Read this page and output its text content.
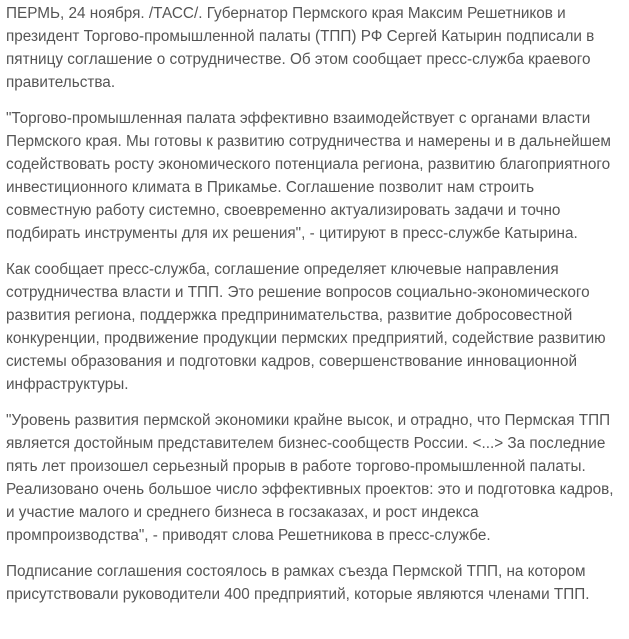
ПЕРМЬ, 24 ноября. /ТАСС/. Губернатор Пермского края Максим Решетников и президент Торгово-промышленной палаты (ТПП) РФ Сергей Катырин подписали в пятницу соглашение о сотрудничестве. Об этом сообщает пресс-служба краевого правительства.

"Торгово-промышленная палата эффективно взаимодействует с органами власти Пермского края. Мы готовы к развитию сотрудничества и намерены и в дальнейшем содействовать росту экономического потенциала региона, развитию благоприятного инвестиционного климата в Прикамье. Соглашение позволит нам строить совместную работу системно, своевременно актуализировать задачи и точно подбирать инструменты для их решения", - цитируют в пресс-службе Катырина.

Как сообщает пресс-служба, соглашение определяет ключевые направления сотрудничества власти и ТПП. Это решение вопросов социально-экономического развития региона, поддержка предпринимательства, развитие добросовестной конкуренции, продвижение продукции пермских предприятий, содействие развитию системы образования и подготовки кадров, совершенствование инновационной инфраструктуры.

"Уровень развития пермской экономики крайне высок, и отрадно, что Пермская ТПП является достойным представителем бизнес-сообществ России. <...> За последние пять лет произошел серьезный прорыв в работе торгово-промышленной палаты. Реализовано очень большое число эффективных проектов: это и подготовка кадров, и участие малого и среднего бизнеса в госзаказах, и рост индекса промпроизводства", - приводят слова Решетникова в пресс-службе.

Подписание соглашения состоялось в рамках съезда Пермской ТПП, на котором присутствовали руководители 400 предприятий, которые являются членами ТПП.
